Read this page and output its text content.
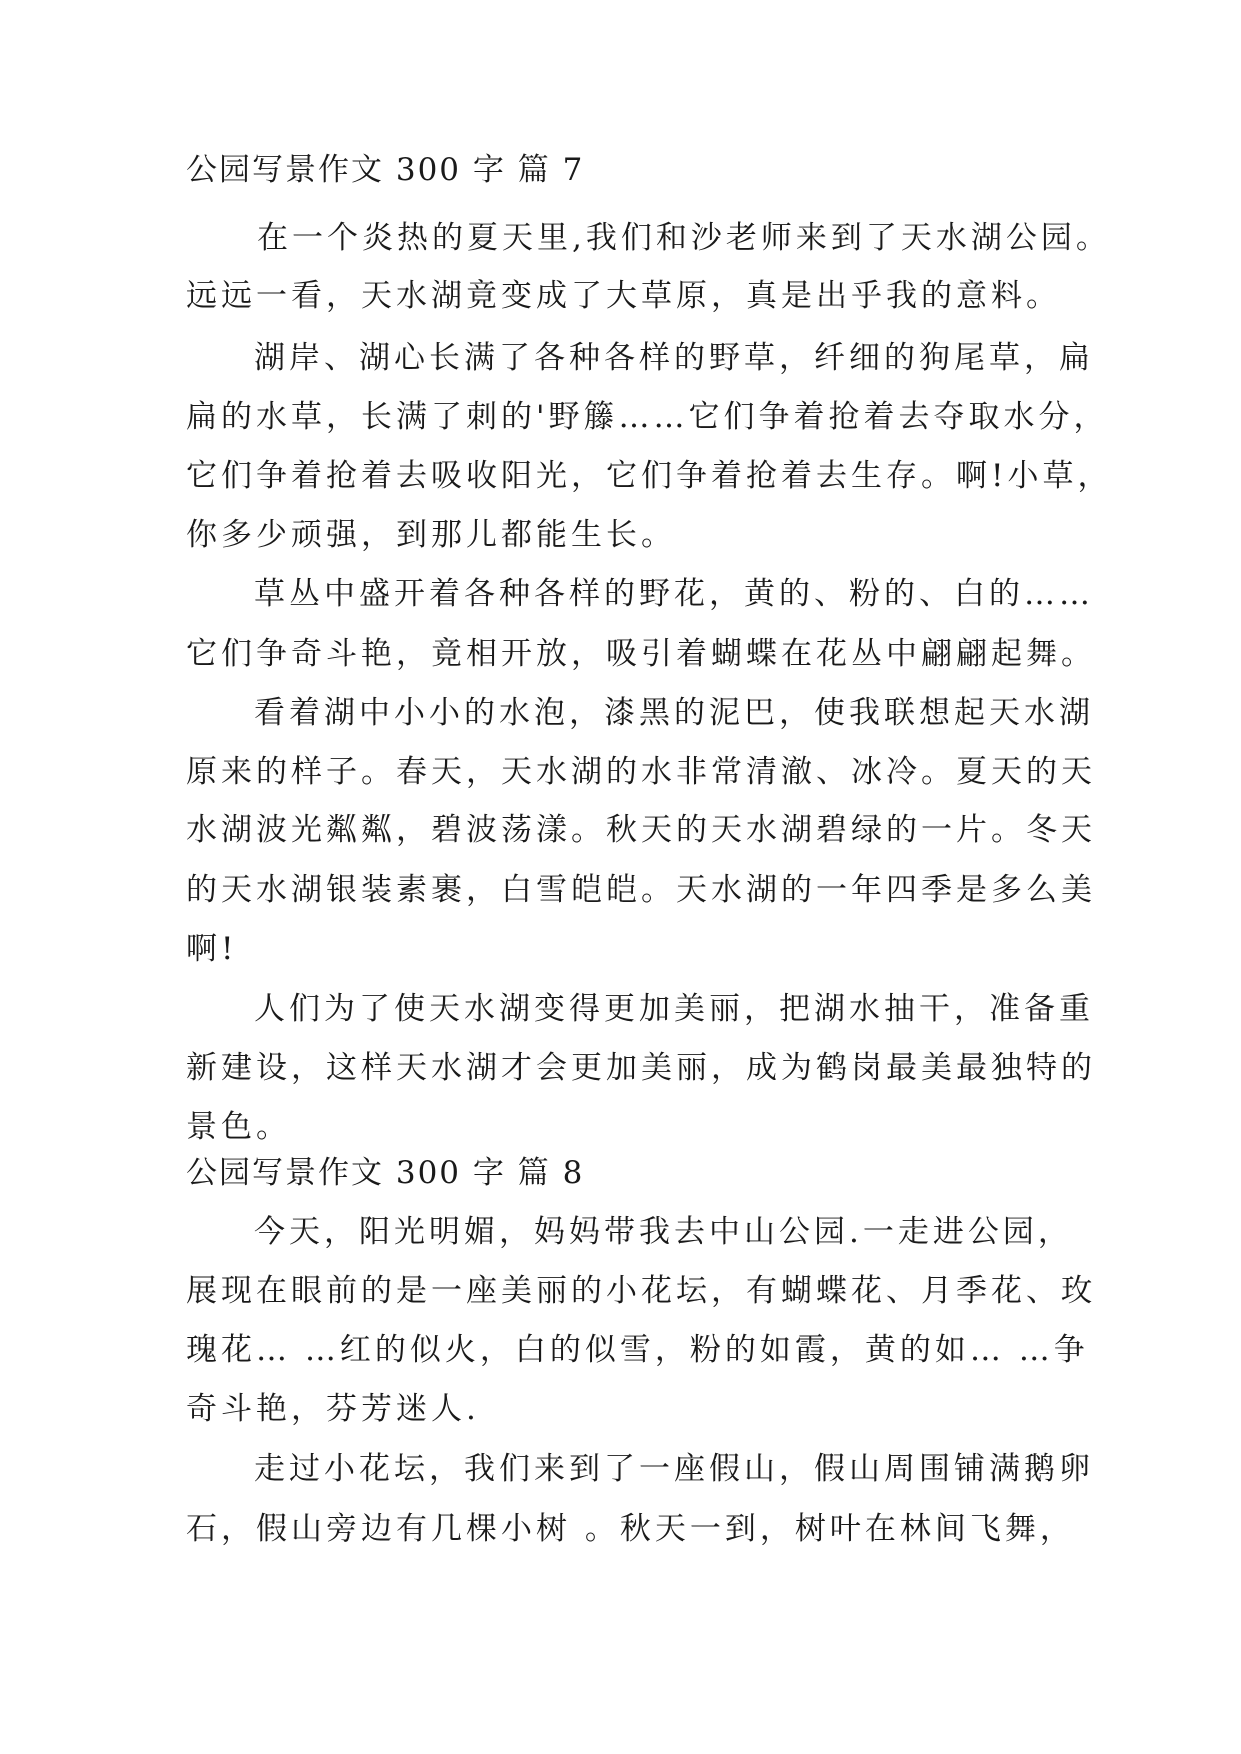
公园写景作文 300 字 篇 7
在一个炎热的夏天里,我们和沙老师来到了天水湖公园。
远远一看，天水湖竟变成了大草原，真是出乎我的意料。
湖岸、湖心长满了各种各样的野草，纤细的狗尾草，扁
扁的水草，长满了刺的'野籐……它们争着抢着去夺取水分，
它们争着抢着去吸收阳光，它们争着抢着去生存。啊!小草，
你多少顽强，到那儿都能生长。
草丛中盛开着各种各样的野花，黄的、粉的、白的……
它们争奇斗艳，竟相开放，吸引着蝴蝶在花丛中翩翩起舞。
看着湖中小小的水泡，漆黑的泥巴，使我联想起天水湖
原来的样子。春天，天水湖的水非常清澈、冰冷。夏天的天
水湖波光粼粼，碧波荡漾。秋天的天水湖碧绿的一片。冬天
的天水湖银装素裹，白雪皑皑。天水湖的一年四季是多么美
啊!
人们为了使天水湖变得更加美丽，把湖水抽干，准备重
新建设，这样天水湖才会更加美丽，成为鹤岗最美最独特的
景色。
公园写景作文 300 字 篇 8
今天，阳光明媚，妈妈带我去中山公园.一走进公园，
展现在眼前的是一座美丽的小花坛，有蝴蝶花、月季花、玫
瑰花… …红的似火，白的似雪，粉的如霞，黄的如… …争
奇斗艳，芬芳迷人.
走过小花坛，我们来到了一座假山，假山周围铺满鹅卵
石，假山旁边有几棵小树 。秋天一到，树叶在林间飞舞，
